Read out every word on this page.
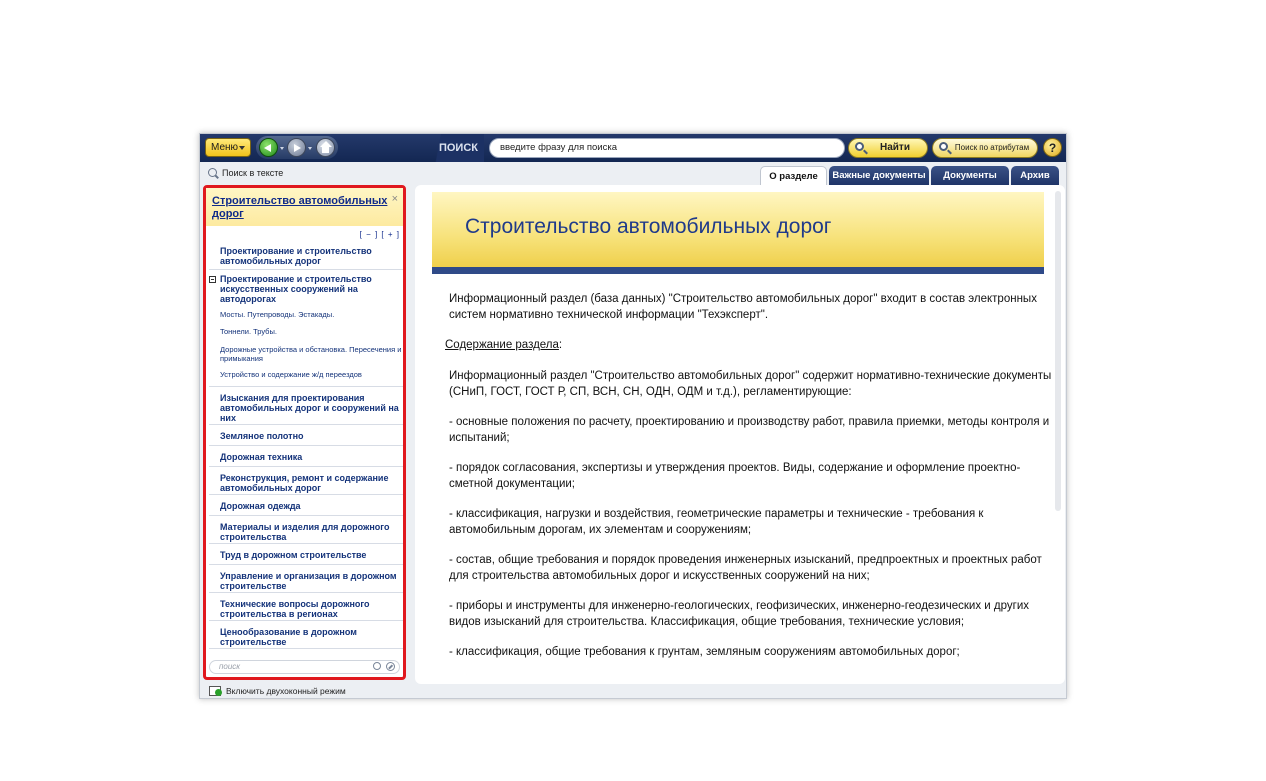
Меню	ПОИСК	введите фразу для поиска	Найти	Поиск по атрибутам	?
Поиск в тексте	О разделе	Важные документы	Документы	Архив
Строительство автомобильных дорог
×
[ − ] [ + ]
Проектирование и строительство автомобильных дорог
Проектирование и строительство искусственных сооружений на автодорогах
Мосты. Путепроводы. Эстакады.
Тоннели. Трубы.
Дорожные устройства и обстановка. Пересечения и примыкания
Устройство и содержание ж/д переездов
Изыскания для проектирования автомобильных дорог и сооружений на них
Земляное полотно
Дорожная техника
Реконструкция, ремонт и содержание автомобильных дорог
Дорожная одежда
Материалы и изделия для дорожного строительства
Труд в дорожном строительстве
Управление и организация в дорожном строительстве
Технические вопросы дорожного строительства в регионах
Ценообразование в дорожном строительстве
поиск
Строительство автомобильных дорог
Информационный раздел (база данных) "Строительство автомобильных дорог" входит в состав электронных систем нормативно технической информации "Техэксперт".
Содержание раздела:
Информационный раздел "Строительство автомобильных дорог" содержит нормативно-технические документы (СНиП, ГОСТ, ГОСТ Р, СП, ВСН, СН, ОДН, ОДМ и т.д.), регламентирующие:
- основные положения по расчету, проектированию и производству работ, правила приемки, методы контроля и испытаний;
- порядок согласования, экспертизы и утверждения проектов. Виды, содержание и оформление проектно-сметной документации;
- классификация, нагрузки и воздействия, геометрические параметры и технические - требования к автомобильным дорогам, их элементам и сооружениям;
- состав, общие требования и порядок проведения инженерных изысканий, предпроектных и проектных работ для строительства автомобильных дорог и искусственных сооружений на них;
- приборы и инструменты для инженерно-геологических, геофизических, инженерно-геодезических и других видов изысканий для строительства. Классификация, общие требования, технические условия;
- классификация, общие требования к грунтам, земляным сооружениям автомобильных дорог;
Включить двухоконный режим
